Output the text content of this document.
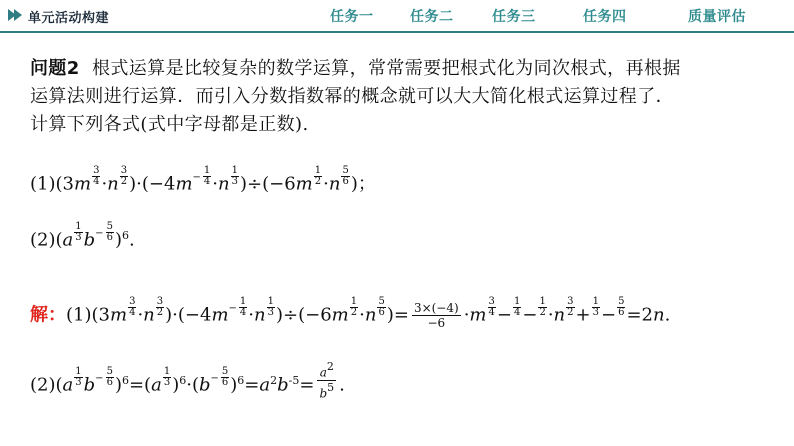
单元活动构建	任务一	任务二	任务三	任务四	质量评估
问题2 根式运算是比较复杂的数学运算，常常需要把根式化为同次根式，再根据
运算法则进行运算．而引入分数指数幂的概念就可以大大简化根式运算过程了．
计算下列各式(式中字母都是正数).
$(1)(3m \frac{3}{4} \cdot n \frac{3}{2} )\cdot(-4m^- \frac{1}{4} \cdot n \frac{1}{3} )\div(-6m \frac{1}{2} \cdot n \frac{5}{6}$ )；
$(2)(a \frac{1}{3} b^- \frac{5}{6} )^6$.
解：$(1)(3m \frac{3}{4} \cdot n \frac{3}{2} )\cdot(-4m^- \frac{1}{4} \cdot n \frac{1}{3} )\div(-6m \frac{1}{2} \cdot n \frac{5}{6}$ )= $\frac{3\times(-4)}{-6} \cdot m \frac{3}{4} - \frac{1}{4} - \frac{1}{2} \cdot n \frac{3}{2} + \frac{1}{3} - \frac{5}{6} =2n$.
$(2)(a \frac{1}{3} b^- \frac{5}{6} )^6=(a \frac{1}{3} )^6\cdot(b^- \frac{5}{6} )^6=a^2b^{-5}= \frac{a2}{b5}$ .
